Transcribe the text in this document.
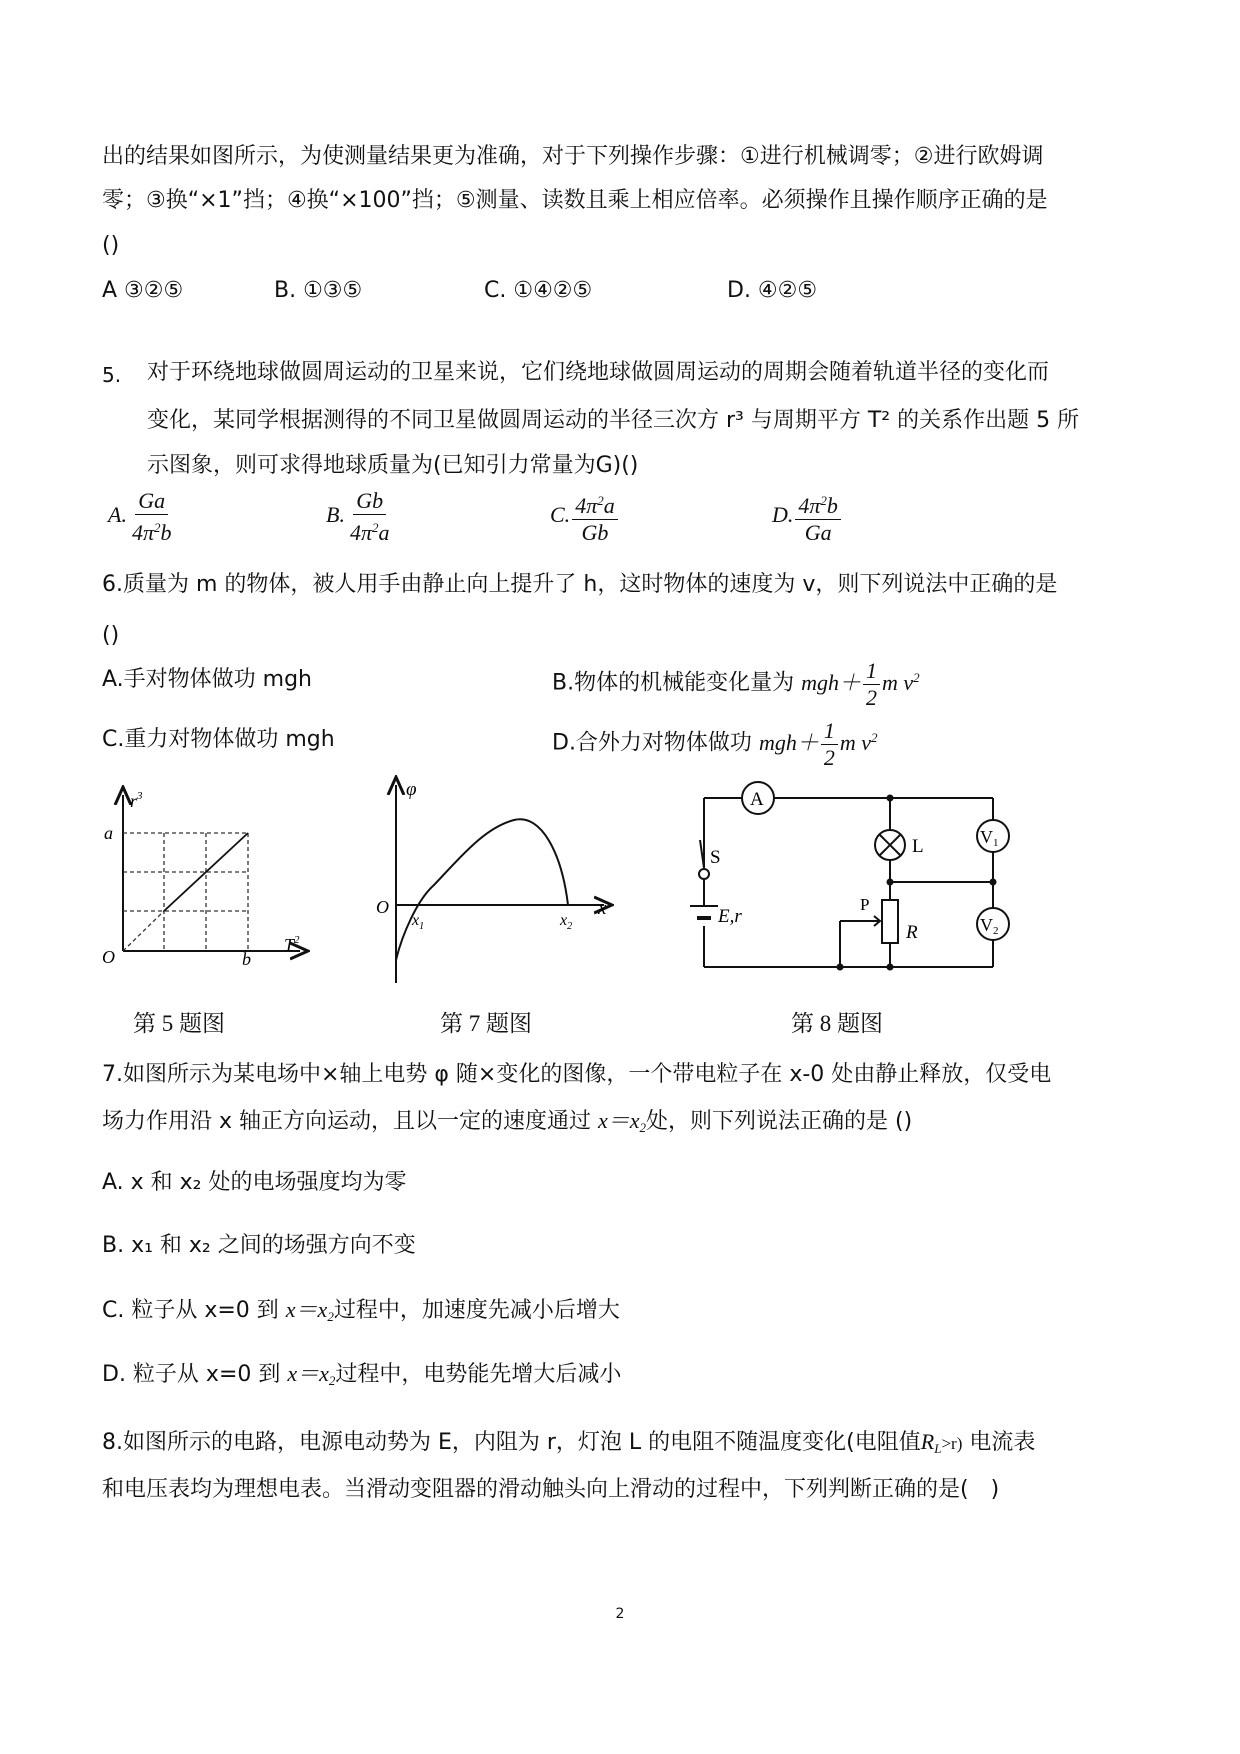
出的结果如图所示，为使测量结果更为准确，对于下列操作步骤：①进行机械调零；②进行欧姆调
零；③换“×1”挡；④换“×100”挡；⑤测量、读数且乘上相应倍率。必须操作且操作顺序正确的是
()
A ③②⑤	B. ①③⑤	C. ①④②⑤	D. ④②⑤
5. 对于环绕地球做圆周运动的卫星来说，它们绕地球做圆周运动的周期会随着轨道半径的变化而
变化，某同学根据测得的不同卫星做圆周运动的半径三次方 r³ 与周期平方 T² 的关系作出题 5 所
示图象，则可求得地球质量为(已知引力常量为G)()
A. $\frac{Ga}{4\pi^2b}$	B. $\frac{Gb}{4\pi^2a}$	C. $\frac{4\pi^2a}{Gb}$	D. $\frac{4\pi^2b}{Ga}$
6.质量为 m 的物体，被人用手由静止向上提升了 h，这时物体的速度为 v，则下列说法中正确的是
()
A.手对物体做功 mgh	B.物体的机械能变化量为 $mgh+ \frac{1}{2}$ m $v^2$
C.重力对物体做功 mgh	D.合外力对物体做功 $mgh+ \frac{1}{2}$ m $v^2$
$r^3$
a
O	b
$T^2$
φ
O
$x_1$	$x_2$
x
A
S
E,r
L
P
R
V1
V2
第 5 题图	第 7 题图	第 8 题图
7.如图所示为某电场中×轴上电势 φ 随×变化的图像，一个带电粒子在 x-0 处由静止释放，仅受电
场力作用沿 x 轴正方向运动，且以一定的速度通过 $x=x_2$处，则下列说法正确的是 ()
A. x 和 x₂ 处的电场强度均为零
B. x₁ 和 x₂ 之间的场强方向不变
C. 粒子从 x=0 到 $x=x_2$过程中，加速度先减小后增大
D. 粒子从 x=0 到 $x=x_2$过程中，电势能先增大后减小
8.如图所示的电路，电源电动势为 E，内阻为 r，灯泡 L 的电阻不随温度变化(电阻值$R_L>r$) 电流表
和电压表均为理想电表。当滑动变阻器的滑动触头向上滑动的过程中，下列判断正确的是(　)
2
